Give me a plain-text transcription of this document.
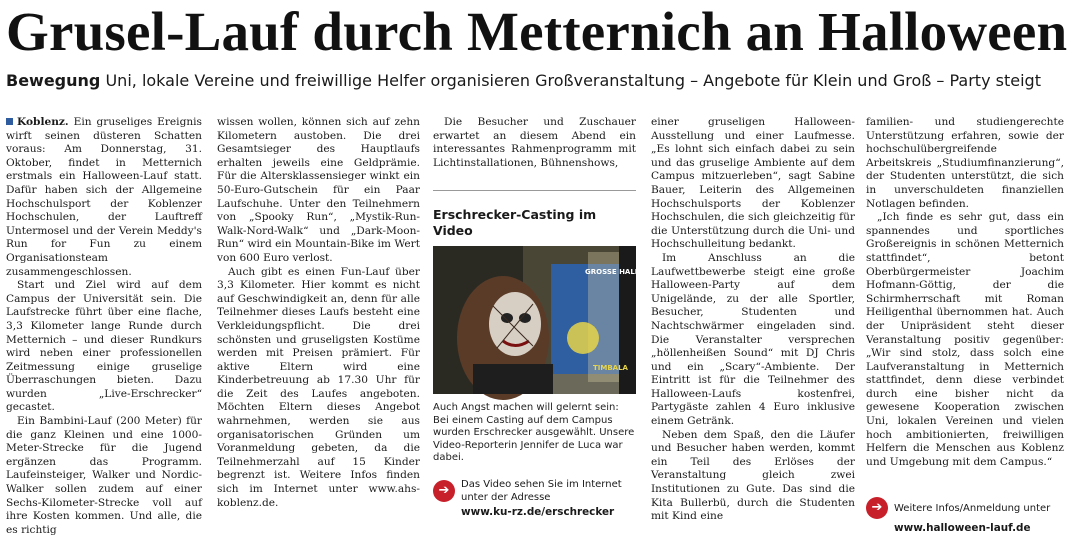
Grusel-Lauf durch Metternich an Halloween
Bewegung Uni, lokale Vereine und freiwillige Helfer organisieren Großveranstaltung – Angebote für Klein und Groß – Party steigt

Koblenz. Ein gruseliges Ereignis wirft seinen düsteren Schatten voraus: Am Donnerstag, 31. Oktober, findet in Metternich erstmals ein Halloween-Lauf statt. Dafür haben sich der Allgemeine Hochschulsport der Koblenzer Hochschulen, der Lauftreff Untermosel und der Verein Meddy's Run for Fun zu einem Organisationsteam zusammengeschlossen.

Start und Ziel wird auf dem Campus der Universität sein. Die Laufstrecke führt über eine flache, 3,3 Kilometer lange Runde durch Metternich – und dieser Rundkurs wird neben einer professionellen Zeitmessung einige gruselige Überraschungen bieten. Dazu wurden „Live-Erschrecker“ gecastet.

Ein Bambini-Lauf (200 Meter) für die ganz Kleinen und eine 1000-Meter-Strecke für die Jugend ergänzen das Programm. Laufeinsteiger, Walker und Nordic-Walker sollen zudem auf einer Sechs-Kilometer-Strecke voll auf ihre Kosten kommen. Und alle, die es richtig

wissen wollen, können sich auf zehn Kilometern austoben. Die drei Gesamtsieger des Hauptlaufs erhalten jeweils eine Geldprämie. Für die Altersklassensieger winkt ein 50-Euro-Gutschein für ein Paar Laufschuhe. Unter den Teilnehmern von „Spooky Run“, „Mystik-Run-Walk-Nord-Walk“ und „Dark-Moon-Run“ wird ein Mountain-Bike im Wert von 600 Euro verlost.

Auch gibt es einen Fun-Lauf über 3,3 Kilometer. Hier kommt es nicht auf Geschwindigkeit an, denn für alle Teilnehmer dieses Laufs besteht eine Verkleidungspflicht. Die drei schönsten und gruseligsten Kostüme werden mit Preisen prämiert. Für aktive Eltern wird eine Kinderbetreuung ab 17.30 Uhr für die Zeit des Laufes angeboten. Möchten Eltern dieses Angebot wahrnehmen, werden sie aus organisatorischen Gründen um Voranmeldung gebeten, da die Teilnehmerzahl auf 15 Kinder begrenzt ist. Weitere Infos finden sich im Internet unter www.ahs-koblenz.de.

Die Besucher und Zuschauer erwartet an diesem Abend ein interessantes Rahmenprogramm mit Lichtinstallationen, Bühnenshows,

Erschrecker-Casting im Video
GROSSE HALLOWE
TIMBALA
Auch Angst machen will gelernt sein: Bei einem Casting auf dem Campus wurden Erschrecker ausgewählt. Unsere Video-Reporterin Jennifer de Luca war dabei.
➔	Das Video sehen Sie im Internet unter der Adresse
www.ku-rz.de/erschrecker

einer gruseligen Halloween-Ausstellung und einer Laufmesse. „Es lohnt sich einfach dabei zu sein und das gruselige Ambiente auf dem Campus mitzuerleben“, sagt Sabine Bauer, Leiterin des Allgemeinen Hochschulsports der Koblenzer Hochschulen, die sich gleichzeitig für die Unterstützung durch die Uni- und Hochschulleitung bedankt.

Im Anschluss an die Laufwettbewerbe steigt eine große Halloween-Party auf dem Unigelände, zu der alle Sportler, Besucher, Studenten und Nachtschwärmer eingeladen sind. Die Veranstalter versprechen „höllenheißen Sound“ mit DJ Chris und ein „Scary“-Ambiente. Der Eintritt ist für die Teilnehmer des Halloween-Laufs kostenfrei, Partygäste zahlen 4 Euro inklusive einem Getränk.

Neben dem Spaß, den die Läufer und Besucher haben werden, kommt ein Teil des Erlöses der Veranstaltung gleich zwei Institutionen zu Gute. Das sind die Kita Bullerbü, durch die Studenten mit Kind eine

familien- und studiengerechte Unterstützung erfahren, sowie der hochschulübergreifende Arbeitskreis „Studiumfinanzierung“, der Studenten unterstützt, die sich in unverschuldeten finanziellen Notlagen befinden.

„Ich finde es sehr gut, dass ein spannendes und sportliches Großereignis in schönen Metternich stattfindet“, betont Oberbürgermeister Joachim Hofmann-Göttig, der die Schirmherrschaft mit Roman Heiligenthal übernommen hat. Auch der Unipräsident steht dieser Veranstaltung positiv gegenüber: „Wir sind stolz, dass solch eine Laufveranstaltung in Metternich stattfindet, denn diese verbindet durch eine bisher nicht da gewesene Kooperation zwischen Uni, lokalen Vereinen und vielen hoch ambitionierten, freiwilligen Helfern die Menschen aus Koblenz und Umgebung mit dem Campus.“

➔	Weitere Infos/Anmeldung unter www.halloween-lauf.de
